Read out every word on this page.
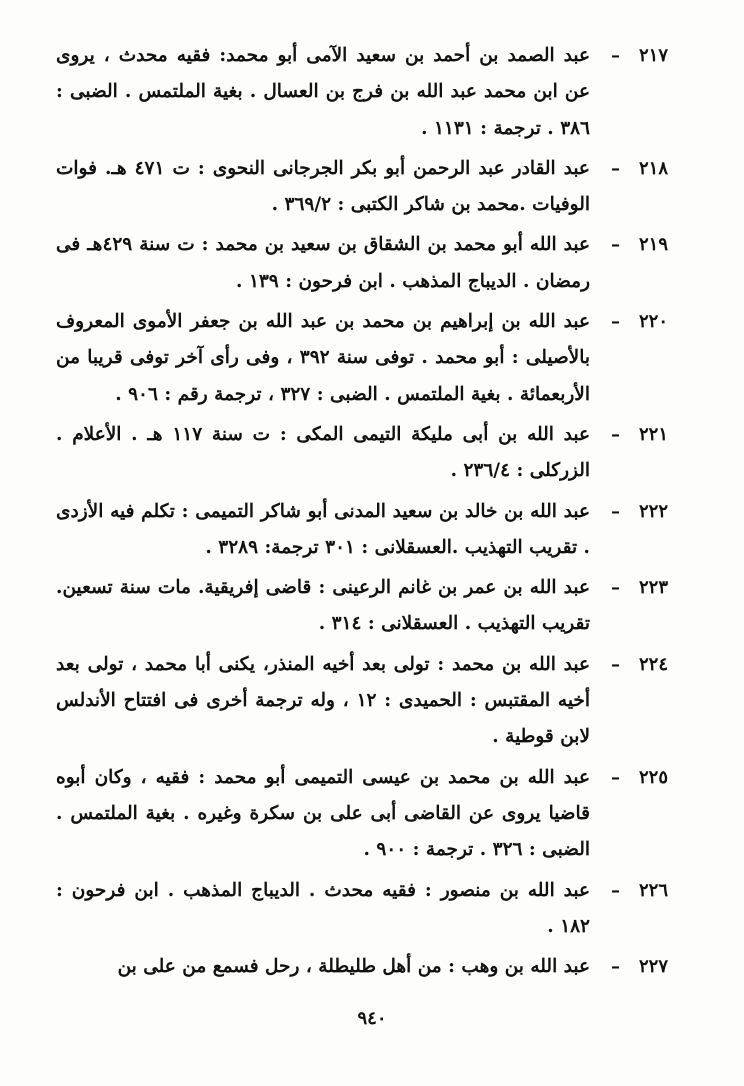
٢١٧
–
عبد الصمد بن أحمد بن سعيد الآمى أبو محمد: فقيه محدث ، يروى عن ابن محمد عبد الله بن فرج بن العسال . بغية الملتمس . الضبى : ٣٨٦ . ترجمة : ١١٣١ .
٢١٨
–
عبد القادر عبد الرحمن أبو بكر الجرجانى النحوى : ت ٤٧١ هـ. فوات الوفيات .محمد بن شاكر الكتبى : ٣٦٩/٢ .
٢١٩
–
عبد الله أبو محمد بن الشقاق بن سعيد بن محمد : ت سنة ٤٢٩هـ فى رمضان . الديباج المذهب . ابن فرحون : ١٣٩ .
٢٢٠
–
عبد الله بن إبراهيم بن محمد بن عبد الله بن جعفر الأموى المعروف بالأصيلى : أبو محمد . توفى سنة ٣٩٢ ، وفى رأى آخر توفى قريبا من الأربعمائة . بغية الملتمس . الضبى : ٣٢٧ ، ترجمة رقم : ٩٠٦ .
٢٢١
–
عبد الله بن أبى مليكة التيمى المكى : ت سنة ١١٧ هـ . الأعلام . الزركلى : ٢٣٦/٤ .
٢٢٢
–
عبد الله بن خالد بن سعيد المدنى أبو شاكر التميمى : تكلم فيه الأزدى . تقريب التهذيب .العسقلانى : ٣٠١ ترجمة: ٣٢٨٩ .
٢٢٣
–
عبد الله بن عمر بن غانم الرعينى : قاضى إفريقية. مات سنة تسعين. تقريب التهذيب . العسقلانى : ٣١٤ .
٢٢٤
–
عبد الله بن محمد : تولى بعد أخيه المنذر، يكنى أبا محمد ، تولى بعد أخيه المقتبس : الحميدى : ١٢ ، وله ترجمة أخرى فى افتتاح الأندلس لابن قوطية .
٢٢٥
–
عبد الله بن محمد بن عيسى التميمى أبو محمد : فقيه ، وكان أبوه قاضيا يروى عن القاضى أبى على بن سكرة وغيره . بغية الملتمس . الضبى : ٣٢٦ . ترجمة : ٩٠٠ .
٢٢٦
–
عبد الله بن منصور : فقيه محدث . الديباج المذهب . ابن فرحون : ١٨٢ .
٢٢٧
–
عبد الله بن وهب : من أهل طليطلة ، رحل فسمع من على بن
٩٤٠
